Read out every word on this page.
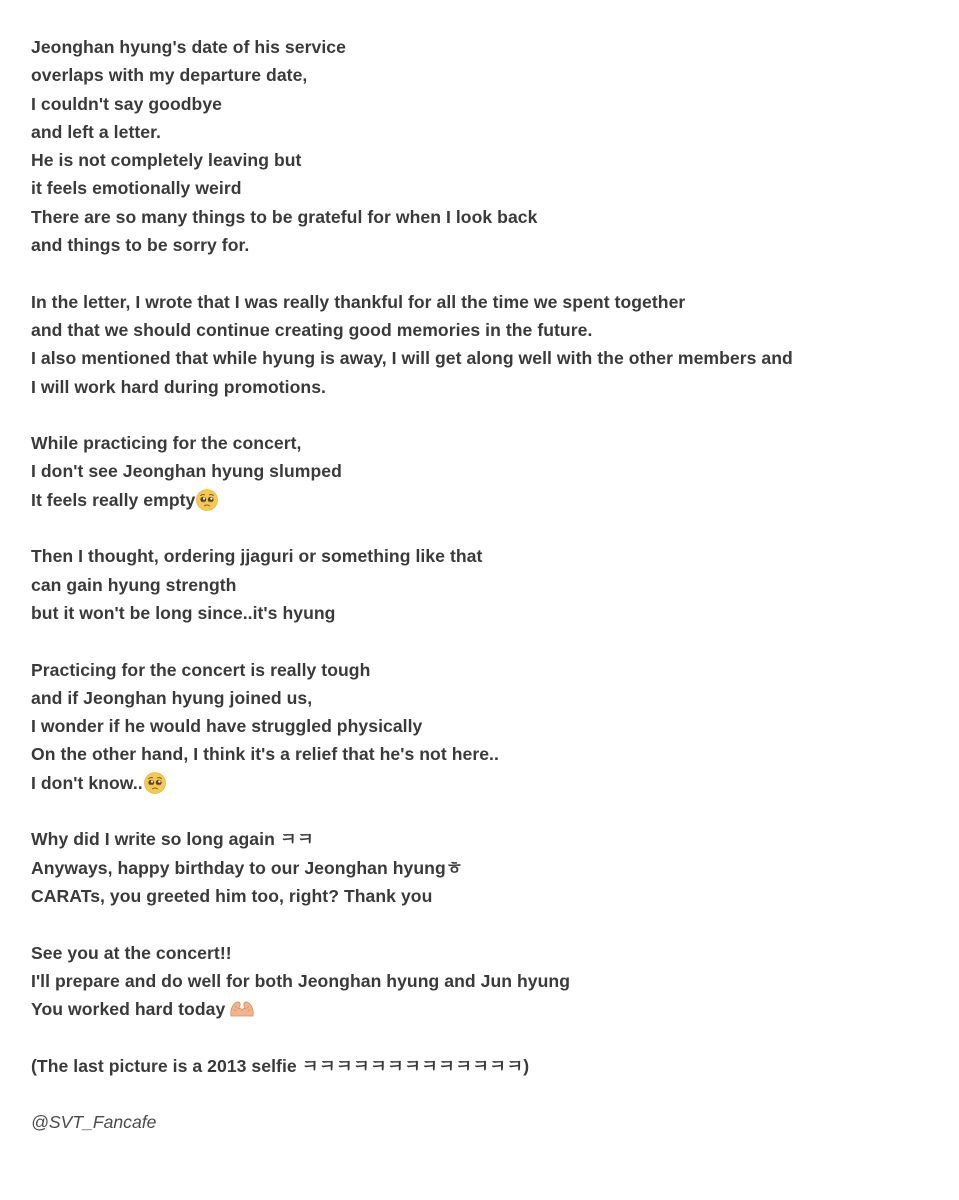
Jeonghan hyung's date of his service
overlaps with my departure date,
I couldn't say goodbye
and left a letter.
He is not completely leaving but
it feels emotionally weird
There are so many things to be grateful for when I look back
and things to be sorry for.

In the letter, I wrote that I was really thankful for all the time we spent together
and that we should continue creating good memories in the future.
I also mentioned that while hyung is away, I will get along well with the other members and
I will work hard during promotions.

While practicing for the concert,
I don't see Jeonghan hyung slumped
It feels really empty

Then I thought, ordering jjaguri or something like that
can gain hyung strength
but it won't be long since..it's hyung

Practicing for the concert is really tough
and if Jeonghan hyung joined us,
I wonder if he would have struggled physically
On the other hand, I think it's a relief that he's not here..
I don't know..

Why did I write so long again ㅋㅋ
Anyways, happy birthday to our Jeonghan hyungㅎ
CARATs, you greeted him too, right? Thank you

See you at the concert!!
I'll prepare and do well for both Jeonghan hyung and Jun hyung
You worked hard today

(The last picture is a 2013 selfie ㅋㅋㅋㅋㅋㅋㅋㅋㅋㅋㅋㅋㅋ)

@SVT_Fancafe
